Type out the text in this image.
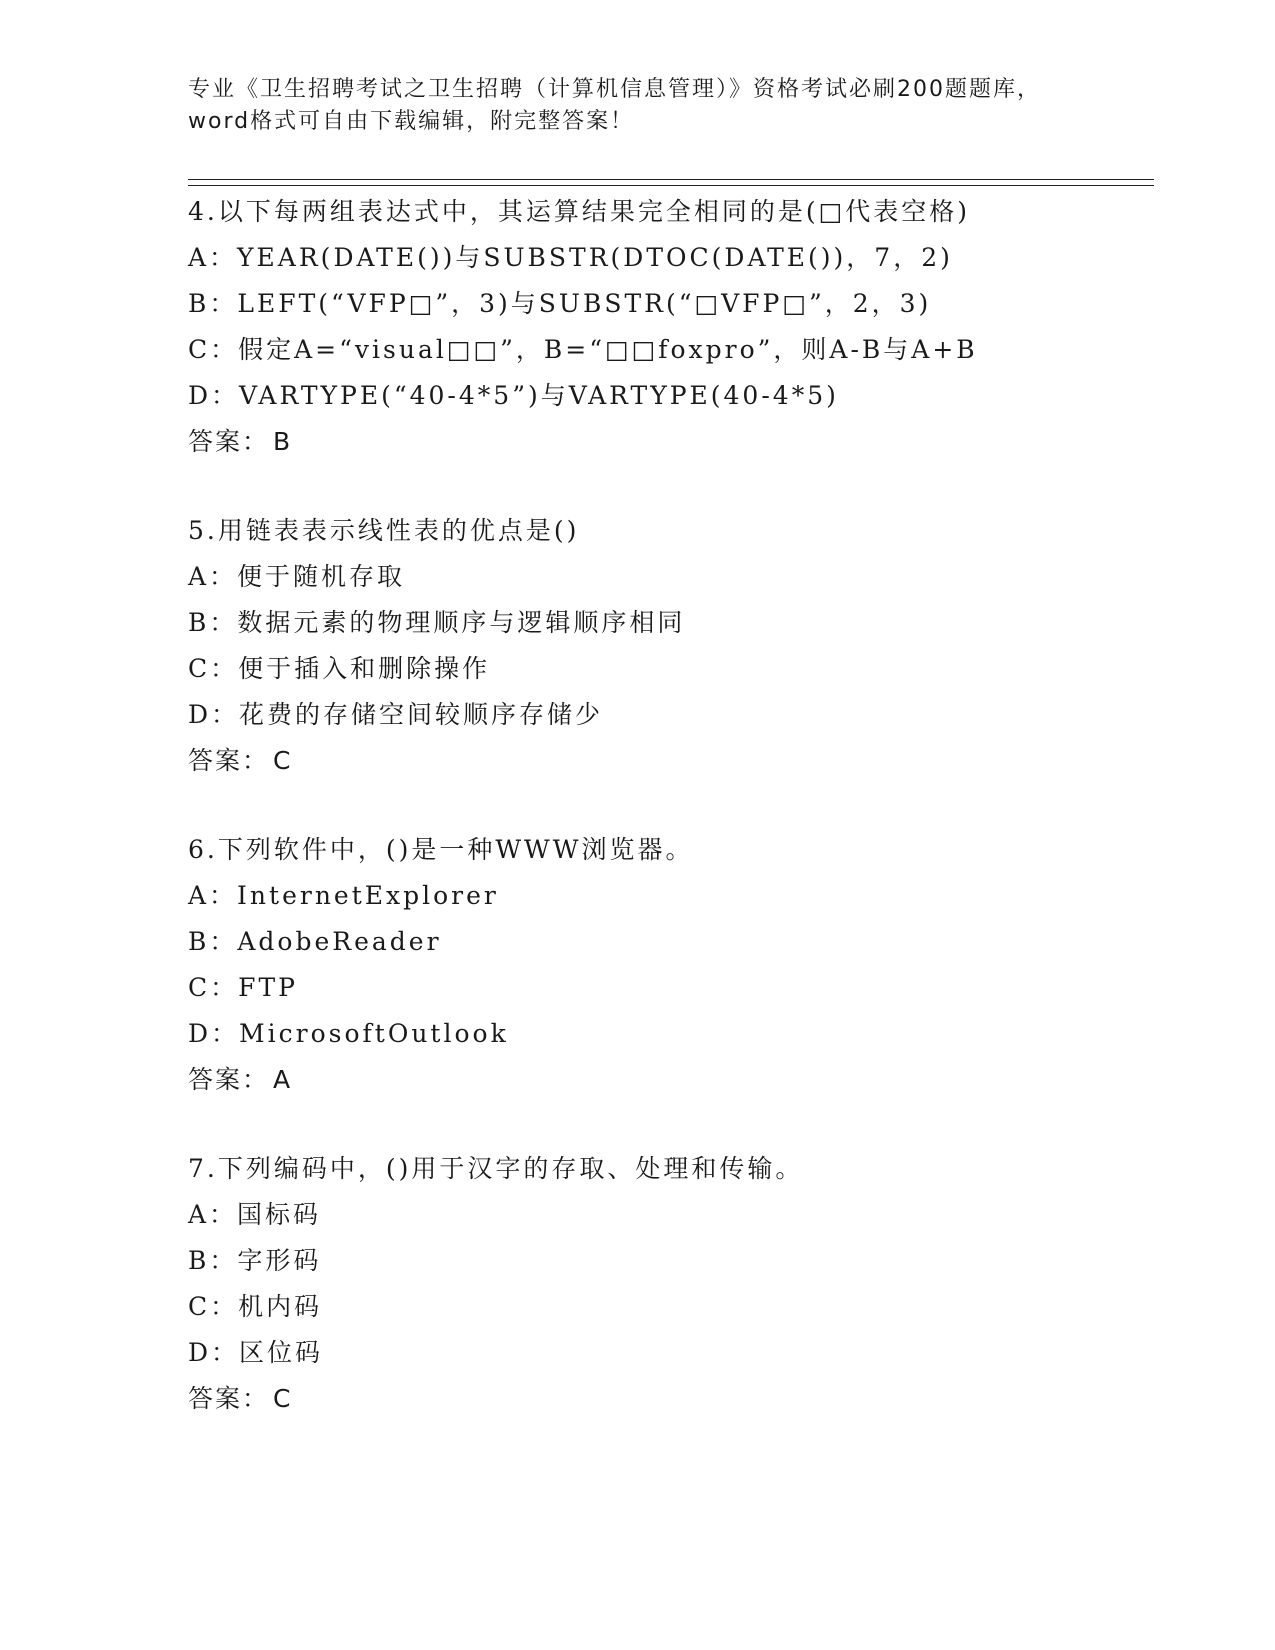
专业《卫生招聘考试之卫生招聘（计算机信息管理）》资格考试必刷200题题库，
word格式可自由下载编辑，附完整答案！
4.以下每两组表达式中，其运算结果完全相同的是(□代表空格)
A：YEAR(DATE())与SUBSTR(DTOC(DATE())，7，2)
B：LEFT(“VFP□”，3)与SUBSTR(“□VFP□”，2，3)
C：假定A=“visual□□”，B=“□□foxpro”，则A-B与A+B
D：VARTYPE(“40-4*5”)与VARTYPE(40-4*5)
答案： B
5.用链表表示线性表的优点是()
A：便于随机存取
B：数据元素的物理顺序与逻辑顺序相同
C：便于插入和删除操作
D：花费的存储空间较顺序存储少
答案： C
6.下列软件中，()是一种WWW浏览器。
A：InternetExplorer
B：AdobeReader
C：FTP
D：MicrosoftOutlook
答案： A
7.下列编码中，()用于汉字的存取、处理和传输。
A：国标码
B：字形码
C：机内码
D：区位码
答案： C
